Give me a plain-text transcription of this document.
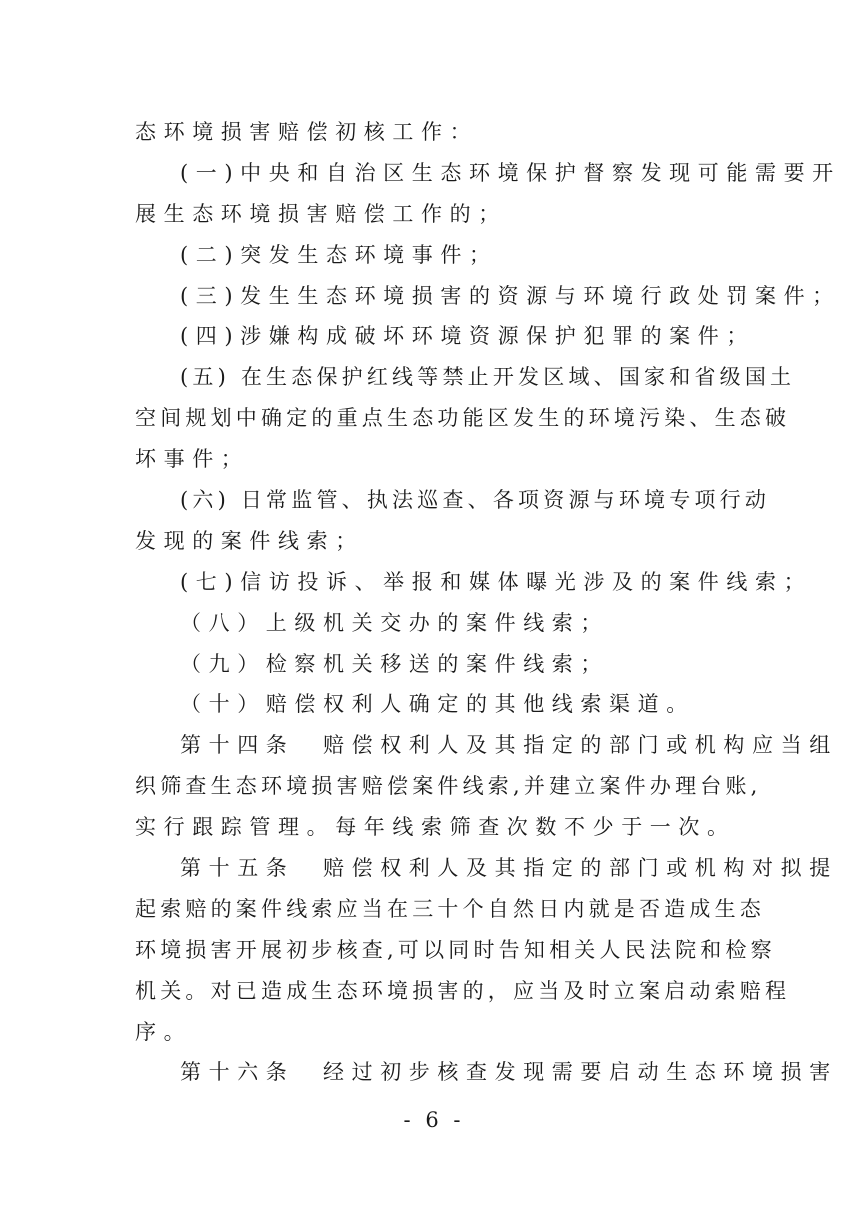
态环境损害赔偿初核工作：
(一)中央和自治区生态环境保护督察发现可能需要开
展生态环境损害赔偿工作的；
(二)突发生态环境事件；
(三)发生生态环境损害的资源与环境行政处罚案件；
(四)涉嫌构成破坏环境资源保护犯罪的案件；
(五) 在生态保护红线等禁止开发区域、国家和省级国土
空间规划中确定的重点生态功能区发生的环境污染、生态破
坏事件；
(六) 日常监管、执法巡查、各项资源与环境专项行动
发现的案件线索；
(七)信访投诉、举报和媒体曝光涉及的案件线索；
（八）上级机关交办的案件线索；
（九）检察机关移送的案件线索；
（十）赔偿权利人确定的其他线索渠道。
第十四条　赔偿权利人及其指定的部门或机构应当组
织筛查生态环境损害赔偿案件线索,并建立案件办理台账,
实行跟踪管理。每年线索筛查次数不少于一次。
第十五条　赔偿权利人及其指定的部门或机构对拟提
起索赔的案件线索应当在三十个自然日内就是否造成生态
环境损害开展初步核查,可以同时告知相关人民法院和检察
机关。对已造成生态环境损害的，应当及时立案启动索赔程
序。
第十六条　经过初步核查发现需要启动生态环境损害
- 6 -
